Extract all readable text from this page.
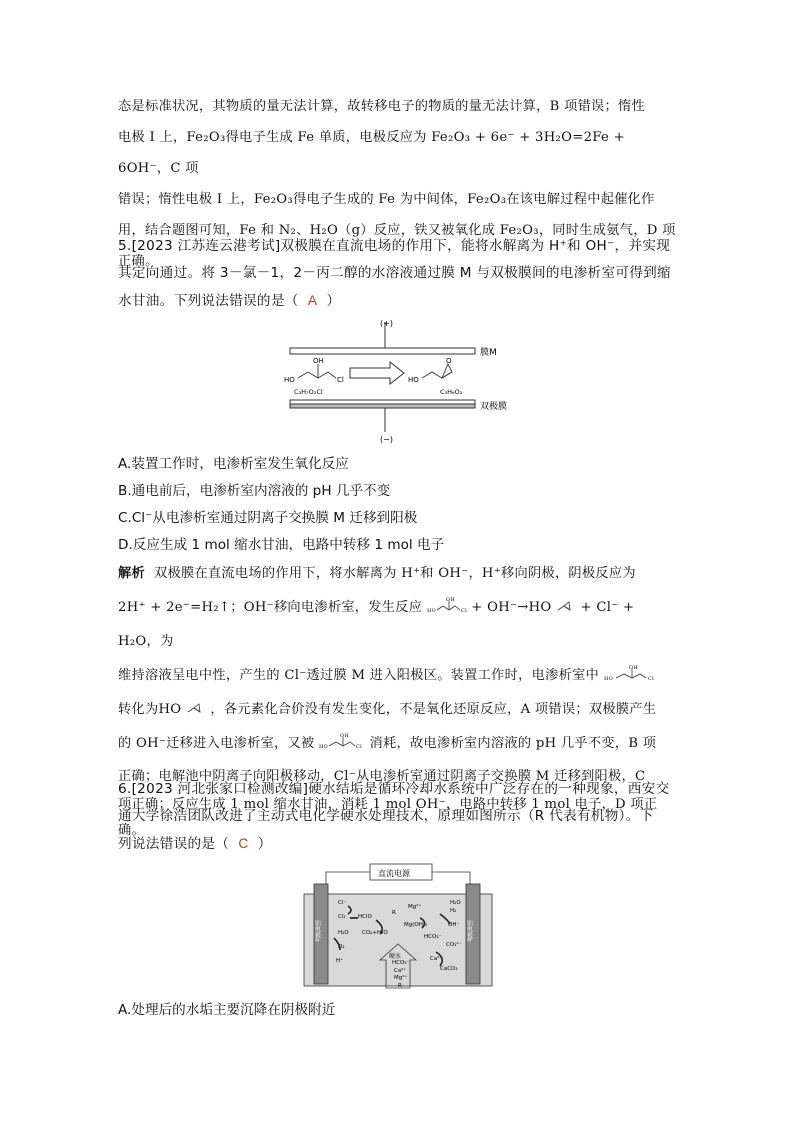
态是标准状况，其物质的量无法计算，故转移电子的物质的量无法计算，B 项错误；惰性
电极 I 上，Fe₂O₃得电子生成 Fe 单质，电极反应为 Fe₂O₃ + 6e⁻ + 3H₂O=2Fe + 6OH⁻，C 项
错误；惰性电极 I 上，Fe₂O₃得电子生成的 Fe 为中间体，Fe₂O₃在该电解过程中起催化作
用，结合题图可知，Fe 和 N₂、H₂O（g）反应，铁又被氧化成 Fe₂O₃，同时生成氨气，D 项
正确。
5.[2023 江苏连云港考试]双极膜在直流电场的作用下，能将水解离为 H⁺和 OH⁻，并实现
其定向通过。将 3－氯－1，2－丙二醇的水溶液通过膜 M 与双极膜间的电渗析室可得到缩
水甘油。下列说法错误的是（ A ）
(+)
膜M
HO
OH
Cl
C₃H₇O₂Cl
HO
O
C₃H₆O₂
双极膜
(−)
A.装置工作时，电渗析室发生氧化反应
B.通电前后，电渗析室内溶液的 pH 几乎不变
C.Cl⁻从电渗析室通过阴离子交换膜 M 迁移到阳极
D.反应生成 1 mol 缩水甘油，电路中转移 1 mol 电子
解析 双极膜在直流电场的作用下，将水解离为 H⁺和 OH⁻，H⁺移向阴极，阴极反应为
2H⁺ + 2e⁻=H₂↑；OH⁻移向电渗析室，发生反应 HO	Cl
OH + OH⁻→HO + Cl⁻ + H₂O，为
维持溶液呈电中性，产生的 Cl⁻透过膜 M 进入阳极区。装置工作时，电渗析室中 HO	Cl
OH
转化为HO ，各元素化合价没有发生变化，不是氧化还原反应，A 项错误；双极膜产生
的 OH⁻迁移进入电渗析室，又被 HO	Cl
OH 消耗，故电渗析室内溶液的 pH 几乎不变，B 项
正确；电解池中阴离子向阳极移动，Cl⁻从电渗析室通过阴离子交换膜 M 迁移到阳极，C
项正确；反应生成 1 mol 缩水甘油，消耗 1 mol OH⁻，电路中转移 1 mol 电子，D 项正确。
6.[2023 河北张家口检测改编]硬水结垢是循环冷却水系统中广泛存在的一种现象，西安交
通大学徐浩团队改进了主动式电化学硬水处理技术，原理如图所示（R 代表有机物）。下
列说法错误的是（ C ）
直流电源
铂电极a	铂电极b
Cl⁻
Cl₂ HClO
R
CO₂+H₂O
H₂O
O₂
H⁺
Mg²⁺
Mg(OH)₂
H₂O
H₂
OH⁻
HCO₃⁻
CO₃²⁻
Ca²⁺
CaCO₃
HCO₃⁻
Ca²⁺
Mg²⁺
R
硬水
A.处理后的水垢主要沉降在阴极附近
